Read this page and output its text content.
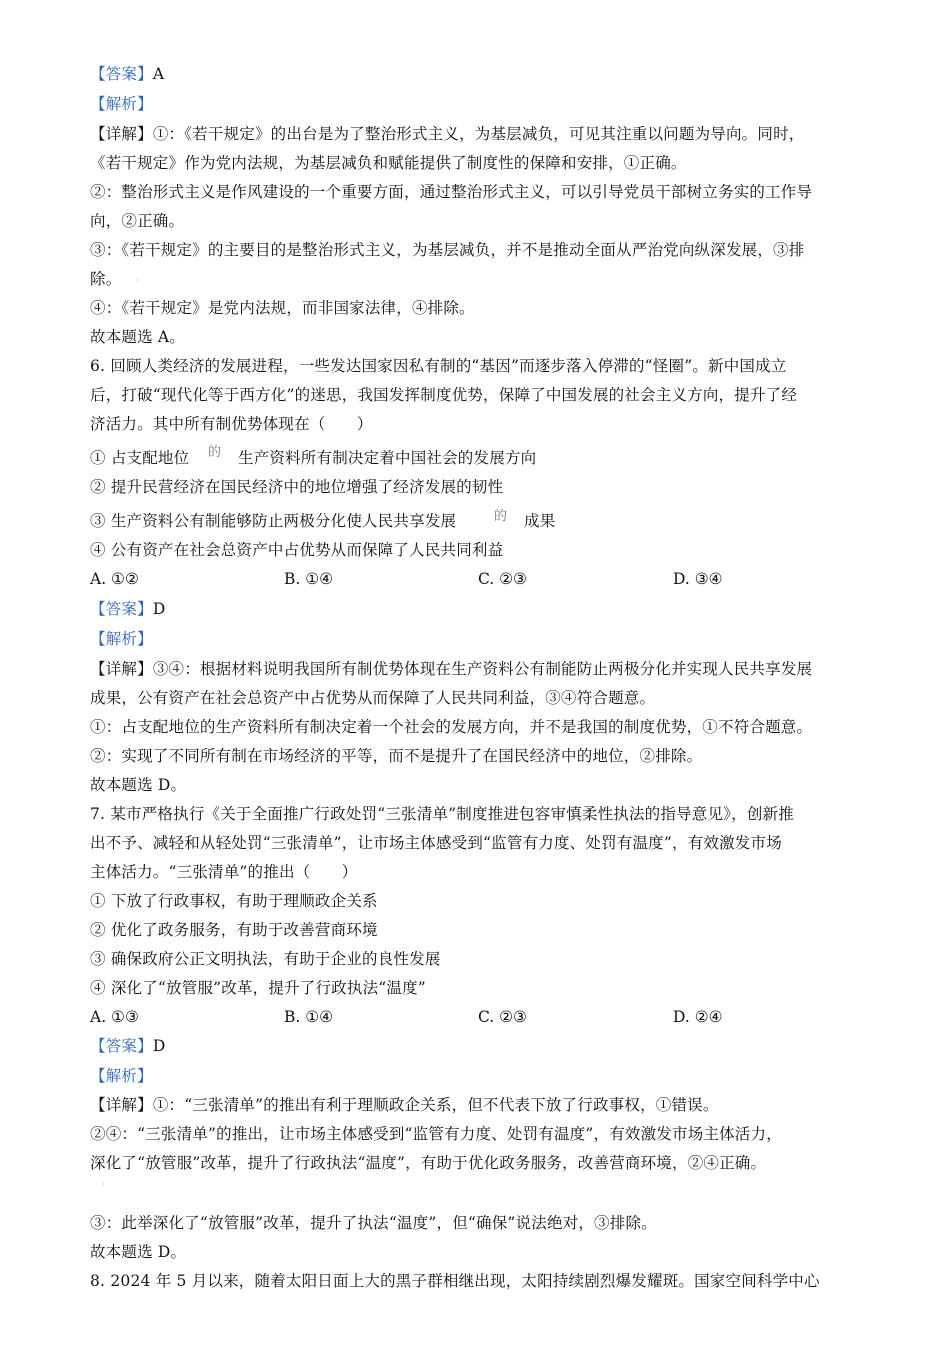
【答案】A
【解析】
【详解】①：《若干规定》的出台是为了整治形式主义，为基层减负，可见其注重以问题为导向。同时，
《若干规定》作为党内法规，为基层减负和赋能提供了制度性的保障和安排，①正确。
②：整治形式主义是作风建设的一个重要方面，通过整治形式主义，可以引导党员干部树立务实的工作导
向，②正确。
③：《若干规定》的主要目的是整治形式主义，为基层减负，并不是推动全面从严治党向纵深发展，③排
除。 ·
④：《若干规定》是党内法规，而非国家法律，④排除。
故本题选 A。
6. 回顾人类经济的发展进程，一些发达国家因私有制的“基因”而逐步落入停滞的“怪圈”。新中国成立
后，打破“现代化等于西方化”的迷思，我国发挥制度优势，保障了中国发展的社会主义方向，提升了经
济活力。其中所有制优势体现在（　　）
① 占支配地位 的 生产资料所有制决定着中国社会的发展方向
② 提升民营经济在国民经济中的地位增强了经济发展的韧性
③ 生产资料公有制能够防止两极分化使人民共享发展	的 成果
④ 公有资产在社会总资产中占优势从而保障了人民共同利益
A. ①②	B. ①④	C. ②③	D. ③④
【答案】D
【解析】
【详解】③④：根据材料说明我国所有制优势体现在生产资料公有制能防止两极分化并实现人民共享发展
成果，公有资产在社会总资产中占优势从而保障了人民共同利益，③④符合题意。
①：占支配地位的生产资料所有制决定着一个社会的发展方向，并不是我国的制度优势，①不符合题意。
②：实现了不同所有制在市场经济的平等，而不是提升了在国民经济中的地位，②排除。
故本题选 D。
7. 某市严格执行《关于全面推广行政处罚“三张清单”制度推进包容审慎柔性执法的指导意见》，创新推
出不予、减轻和从轻处罚“三张清单”，让市场主体感受到“监管有力度、处罚有温度”，有效激发市场
主体活力。“三张清单”的推出（　　）
① 下放了行政事权，有助于理顺政企关系
② 优化了政务服务，有助于改善营商环境
③ 确保政府公正文明执法，有助于企业的良性发展
④ 深化了“放管服”改革，提升了行政执法“温度”
A. ①③	B. ①④	C. ②③	D. ②④
【答案】D
【解析】
【详解】①：“三张清单”的推出有利于理顺政企关系，但不代表下放了行政事权，①错误。
②④：“三张清单”的推出，让市场主体感受到“监管有力度、处罚有温度”，有效激发市场主体活力，
深化了“放管服”改革，提升了行政执法“温度”，有助于优化政务服务，改善营商环境，②④正确。
·
③：此举深化了“放管服”改革，提升了执法“温度”，但“确保”说法绝对，③排除。
故本题选 D。
8. 2024 年 5 月以来，随着太阳日面上大的黑子群相继出现，太阳持续剧烈爆发耀斑。国家空间科学中心
